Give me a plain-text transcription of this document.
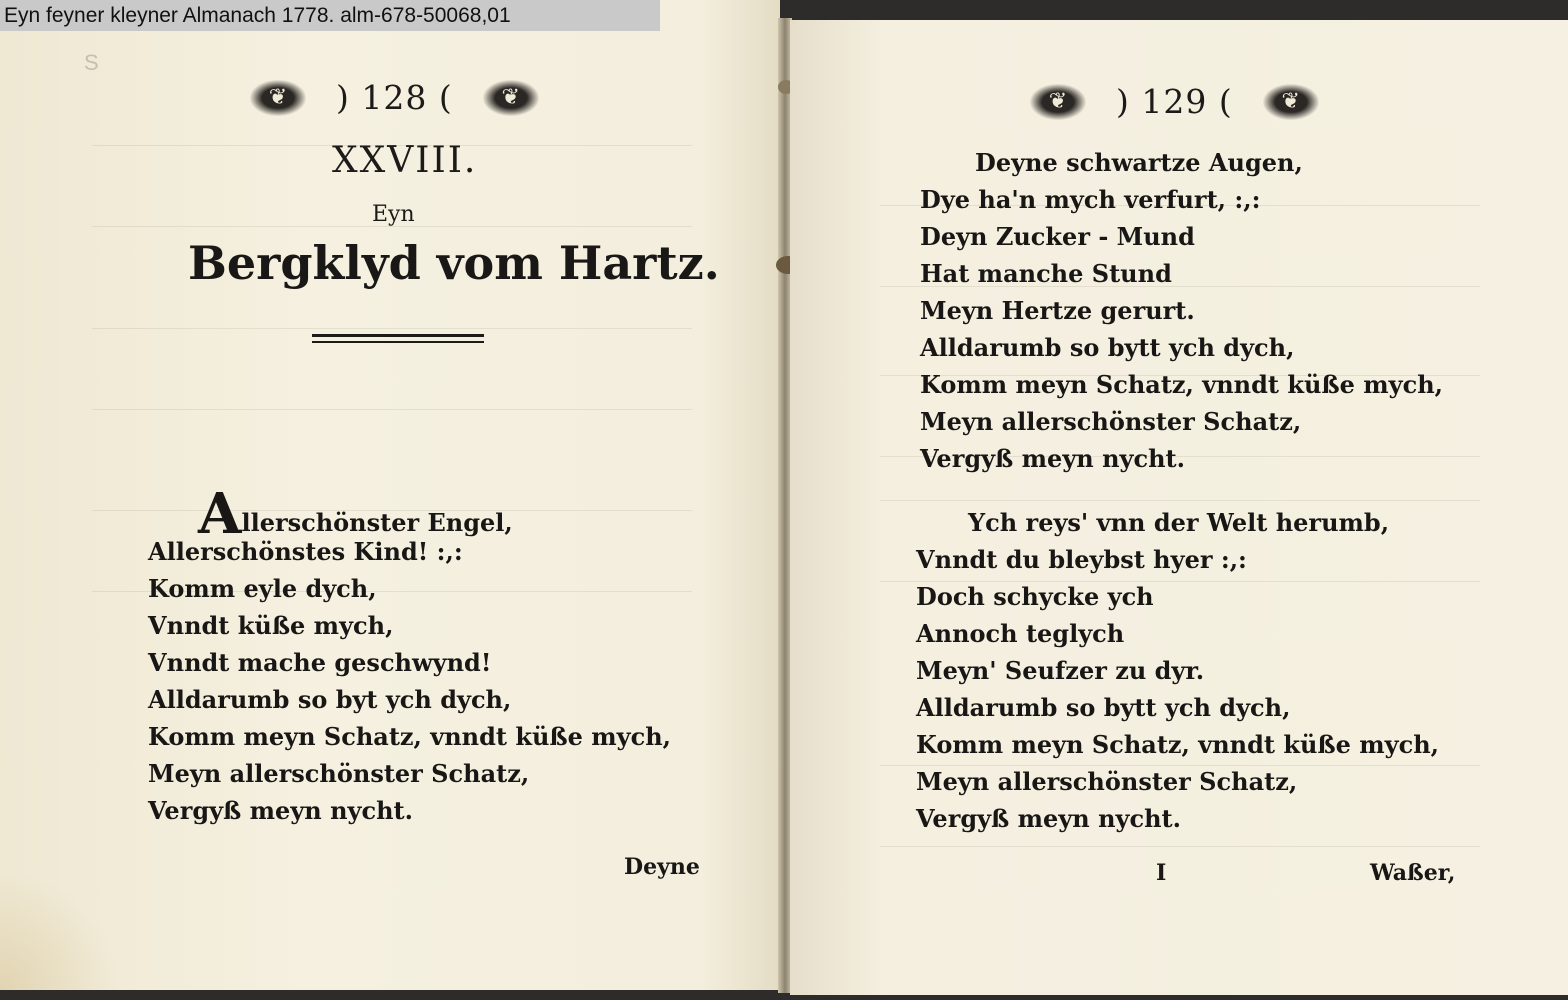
Eyn feyner kleyner Almanach 1778. alm-678-50068,01
S
❦	) 128 (	❦
XXVIII.
Eyn
Bergklyd vom Hartz.
Allerschönster Engel,
Allerschönstes Kind! :,:
Komm eyle dych,
Vnndt küße mych,
Vnndt mache geschwynd!
Alldarumb so byt ych dych,
Komm meyn Schatz, vnndt küße mych,
Meyn allerschönster Schatz,
Vergyß meyn nycht.
Deyne
❦	) 129 (	❦
Deyne schwartze Augen,
Dye ha'n mych verfurt, :,:
Deyn Zucker - Mund
Hat manche Stund
Meyn Hertze gerurt.
Alldarumb so bytt ych dych,
Komm meyn Schatz, vnndt küße mych,
Meyn allerschönster Schatz,
Vergyß meyn nycht.
Ych reys' vnn der Welt herumb,
Vnndt du bleybst hyer :,:
Doch schycke ych
Annoch teglych
Meyn' Seufzer zu dyr.
Alldarumb so bytt ych dych,
Komm meyn Schatz, vnndt küße mych,
Meyn allerschönster Schatz,
Vergyß meyn nycht.
I	Waßer,
